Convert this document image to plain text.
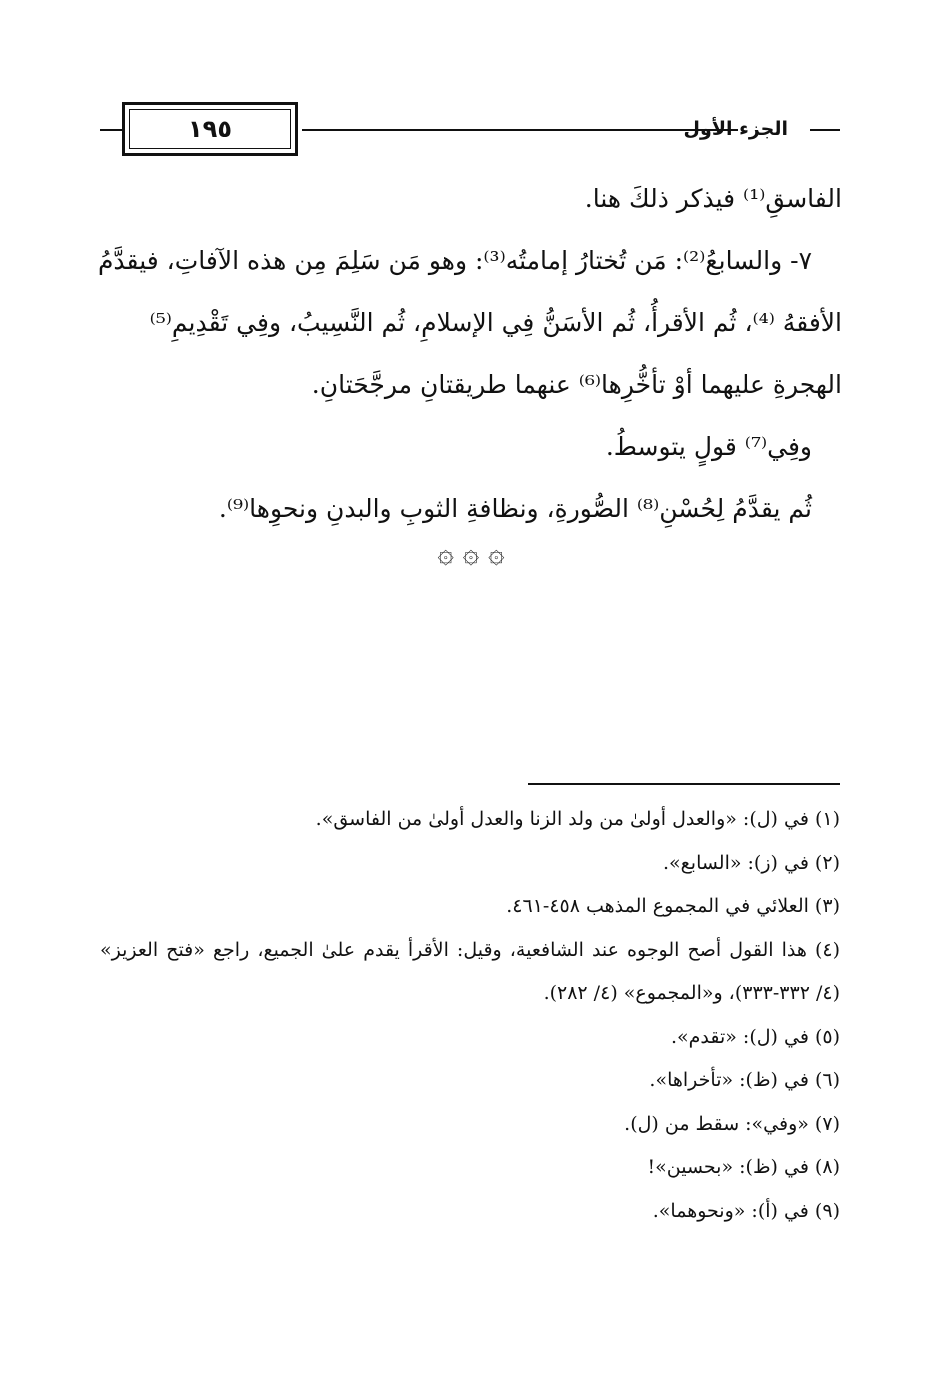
١٩٥	الجزء الأول

الفاسقِ⁽¹⁾ فيذكر ذلكَ هنا.

٧- والسابعُ⁽²⁾: مَن تُختارُ إمامتُه⁽³⁾: وهو مَن سَلِمَ مِن هذه الآفاتِ، فيقدَّمُ

الأفقهُ ⁽⁴⁾، ثُم الأقرأُ، ثُم الأسَنُّ فِي الإسلامِ، ثُم النَّسِيبُ، وفِي تَقْدِيمِ⁽⁵⁾

الهجرةِ عليهما أوْ تأخُّرِها⁽⁶⁾ عنهما طريقتانِ مرجَّحَتانِ.

وفِي⁽⁷⁾ قولٍ يتوسطُ.

ثُم يقدَّمُ لِحُسْنِ⁽⁸⁾ الصُّورةِ، ونظافةِ الثوبِ والبدنِ ونحوِها⁽⁹⁾.

۞ ۞ ۞

(١) في (ل): «والعدل أولىٰ من ولد الزنا والعدل أولىٰ من الفاسق».

(٢) في (ز): «السابع».

(٣) العلائي في المجموع المذهب ٤٥٨-٤٦١.

(٤) هذا القول أصح الوجوه عند الشافعية، وقيل: الأقرأ يقدم علىٰ الجميع، راجع «فتح العزيز» (٤/ ٣٣٢-٣٣٣)، و«المجموع» (٤/ ٢٨٢).

(٥) في (ل): «تقدم».

(٦) في (ظ): «تأخراها».

(٧) «وفي»: سقط من (ل).

(٨) في (ظ): «بحسين»!

(٩) في (أ): «ونحوهما».
